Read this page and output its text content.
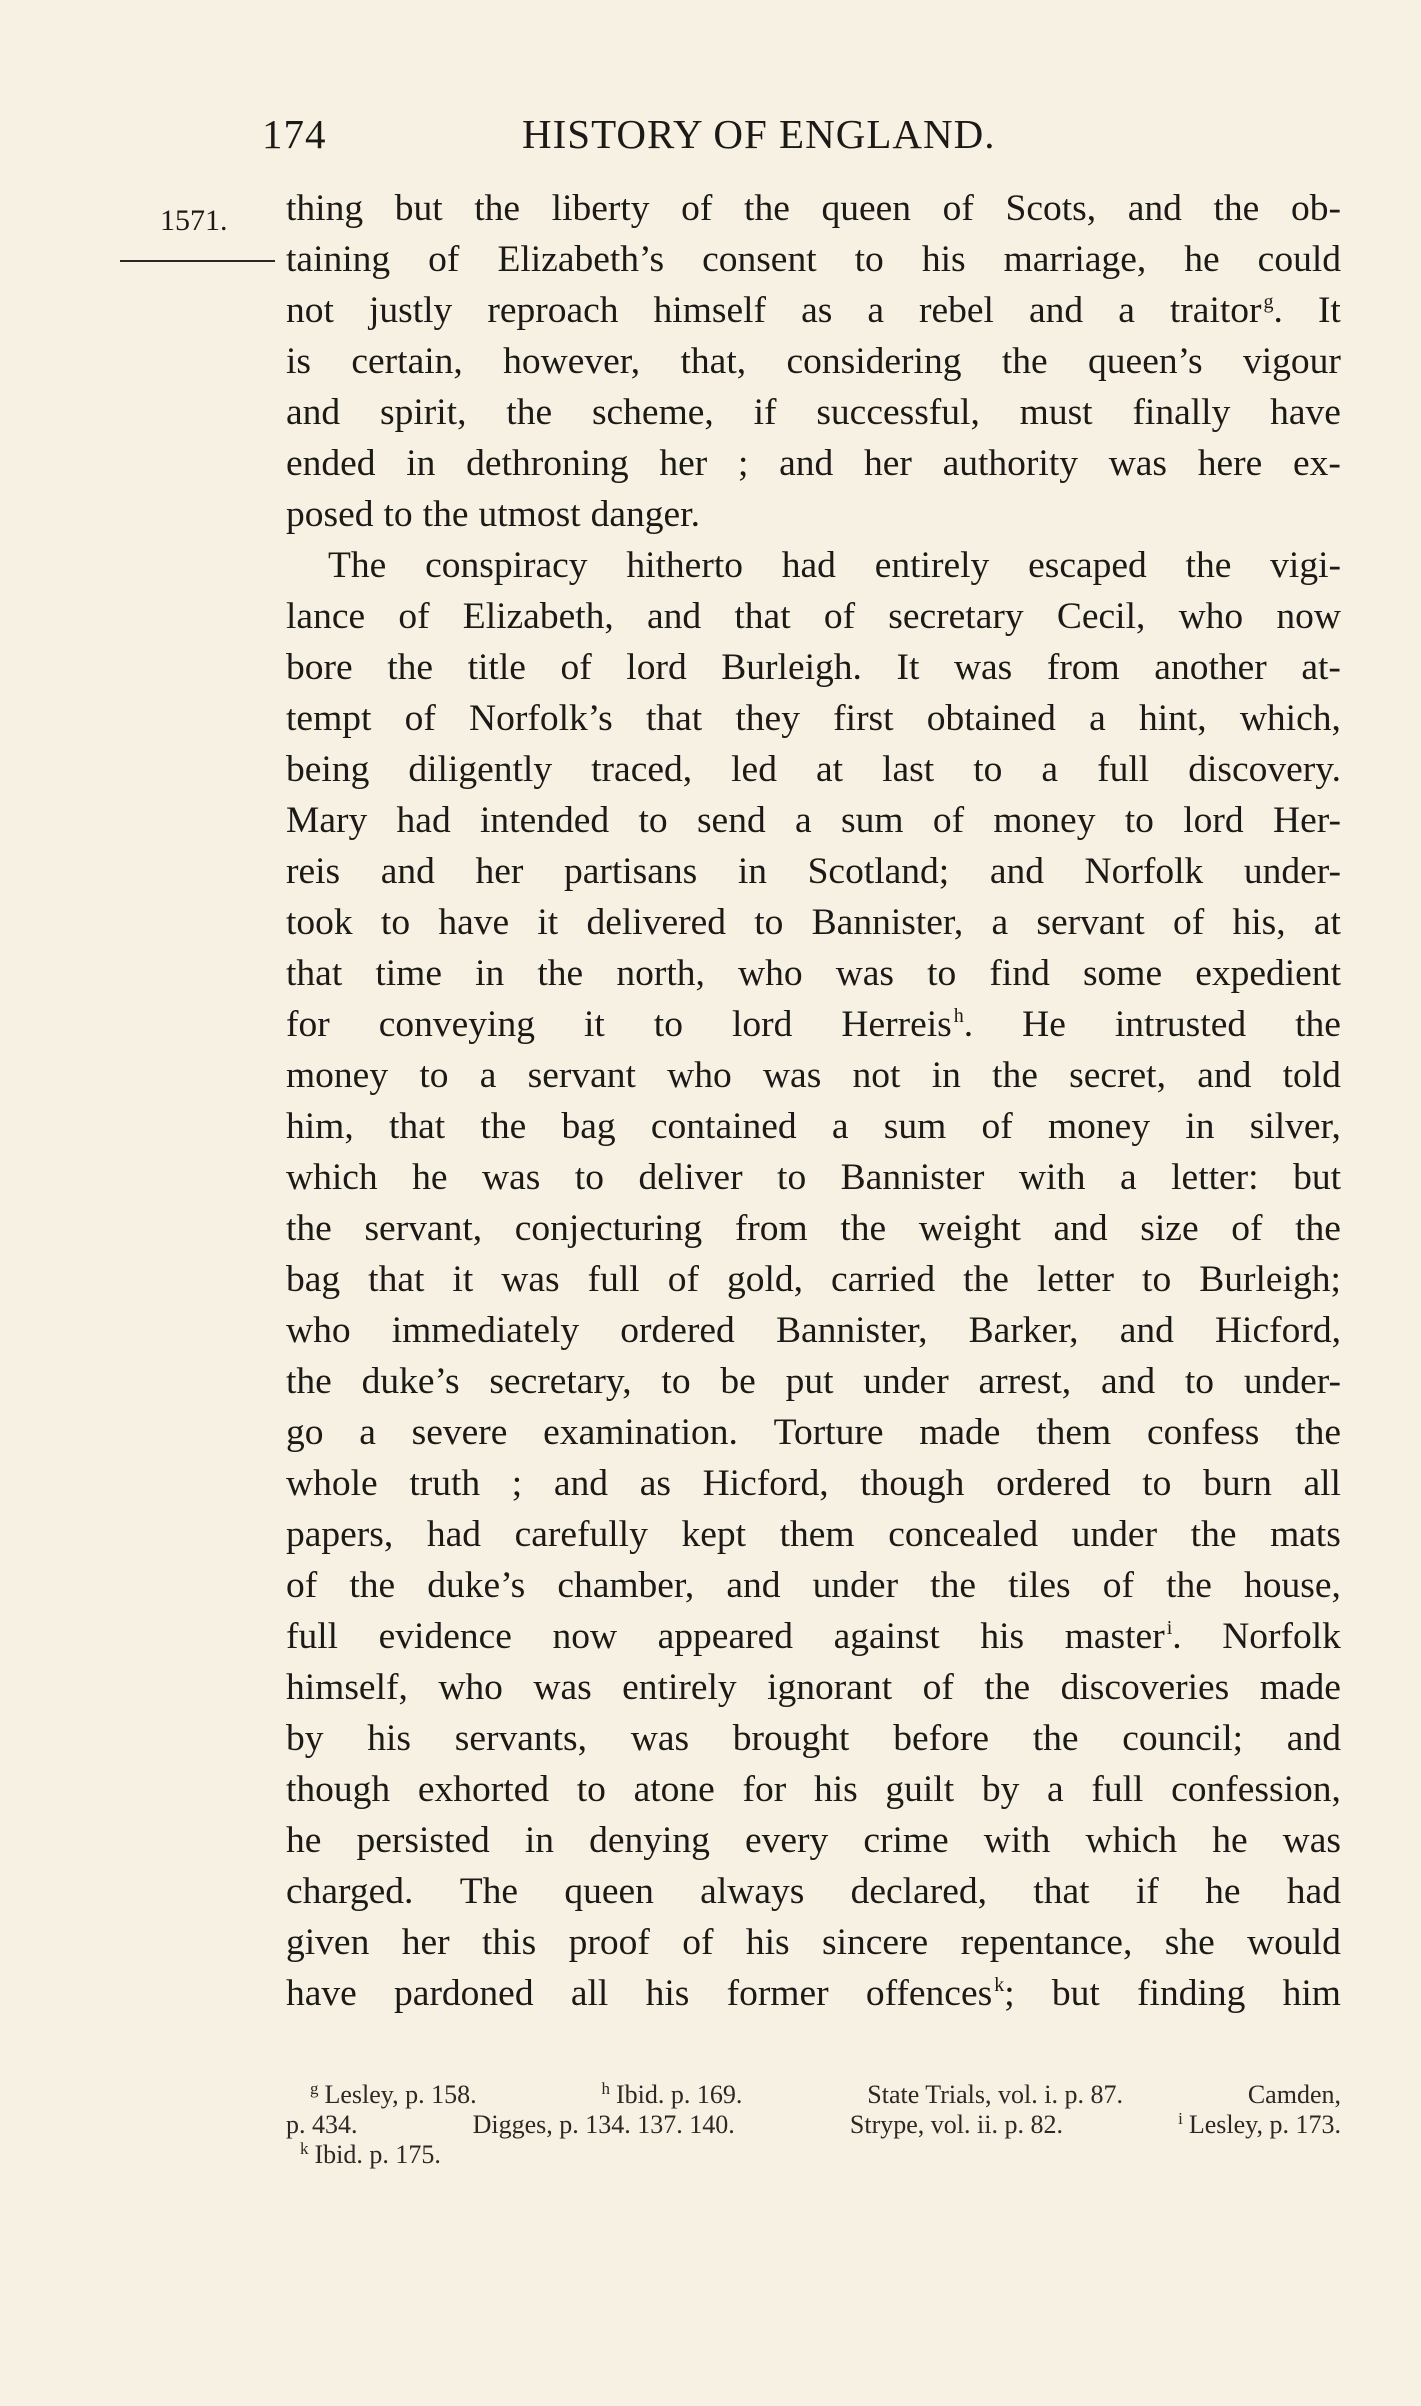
174	HISTORY OF ENGLAND.
1571. thing but the liberty of the queen of Scots, and the ob-
taining of Elizabeth’s consent to his marriage, he could
not justly reproach himself as a rebel and a traitor $^g$. It
is certain, however, that, considering the queen’s vigour
and spirit, the scheme, if successful, must finally have
ended in dethroning her ; and her authority was here ex-
posed to the utmost danger.
The conspiracy hitherto had entirely escaped the vigi-
lance of Elizabeth, and that of secretary Cecil, who now
bore the title of lord Burleigh. It was from another at-
tempt of Norfolk’s that they first obtained a hint, which,
being diligently traced, led at last to a full discovery.
Mary had intended to send a sum of money to lord Her-
reis and her partisans in Scotland; and Norfolk under-
took to have it delivered to Bannister, a servant of his, at
that time in the north, who was to find some expedient
for conveying it to lord Herreis $^h$. He intrusted the
money to a servant who was not in the secret, and told
him, that the bag contained a sum of money in silver,
which he was to deliver to Bannister with a letter: but
the servant, conjecturing from the weight and size of the
bag that it was full of gold, carried the letter to Burleigh;
who immediately ordered Bannister, Barker, and Hicford,
the duke’s secretary, to be put under arrest, and to under-
go a severe examination. Torture made them confess the
whole truth ; and as Hicford, though ordered to burn all
papers, had carefully kept them concealed under the mats
of the duke’s chamber, and under the tiles of the house,
full evidence now appeared against his master $^i$. Norfolk
himself, who was entirely ignorant of the discoveries made
by his servants, was brought before the council; and
though exhorted to atone for his guilt by a full confession,
he persisted in denying every crime with which he was
charged. The queen always declared, that if he had
given her this proof of his sincere repentance, she would
have pardoned all his former offences $^k$; but finding him
$^g$ Lesley, p. 158.	$^h$ Ibid. p. 169.	State Trials, vol. i. p. 87.	Camden,
p. 434.	Digges, p. 134. 137. 140.	Strype, vol. ii. p. 82.	$^i$ Lesley, p. 173.
$^k$ Ibid. p. 175.
